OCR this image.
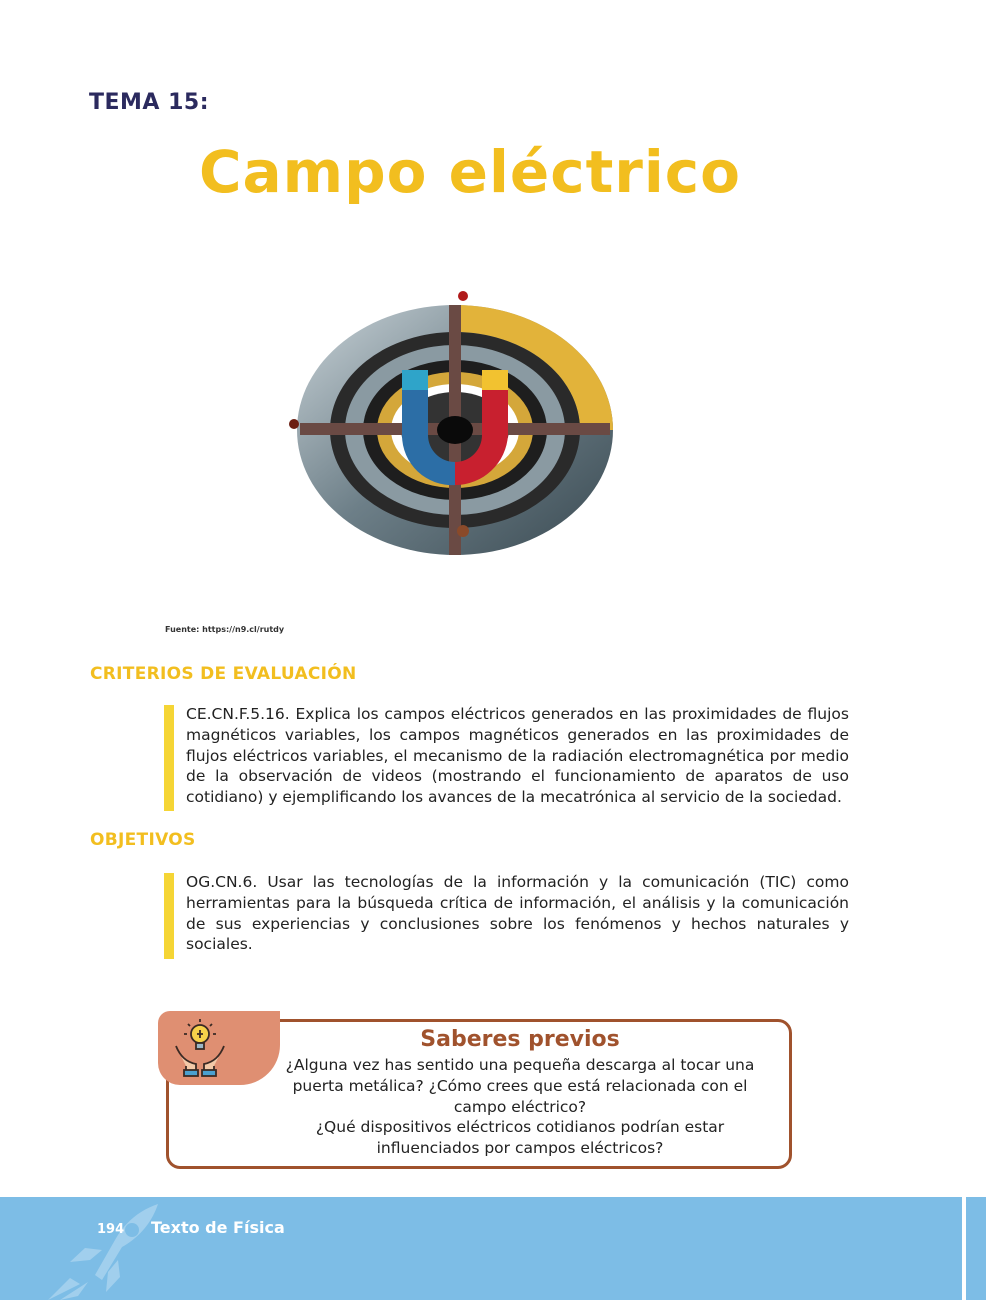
TEMA 15:
Campo eléctrico
Fuente: https://n9.cl/rutdy
CRITERIOS DE EVALUACIÓN
CE.CN.F.5.16. Explica los campos eléctricos generados en las proximidades de flujos magnéticos variables, los campos magnéticos generados en las proximidades de flujos eléctricos variables, el mecanismo de la radiación electromagnética por medio de la observación de videos (mostrando el funcionamiento de aparatos de uso cotidiano) y ejemplificando los avances de la mecatrónica al servicio de la sociedad.
OBJETIVOS
OG.CN.6. Usar las tecnologías de la información y la comunicación (TIC) como herramientas para la búsqueda crítica de información, el análisis y la comunicación de sus experiencias y conclusiones sobre los fenómenos y hechos naturales y sociales.
Saberes previos
¿Alguna vez has sentido una pequeña descarga al tocar una puerta metálica? ¿Cómo crees que está relacionada con el campo eléctrico?
¿Qué dispositivos eléctricos cotidianos podrían estar influenciados por campos eléctricos?
194 Texto de Física
